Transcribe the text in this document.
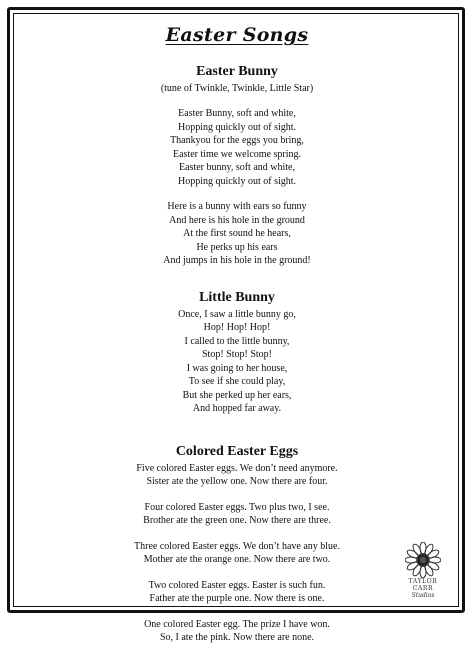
Easter Songs
Easter Bunny
(tune of Twinkle, Twinkle, Little Star)
Easter Bunny, soft and white,
Hopping quickly out of sight.
Thankyou for the eggs you bring,
Easter time we welcome spring.
Easter bunny, soft and white,
Hopping quickly out of sight.
Here is a bunny with ears so funny
And here is his hole in the ground
At the first sound he hears,
He perks up his ears
And jumps in his hole in the ground!
Little Bunny
Once, I saw a little bunny go,
Hop! Hop! Hop!
I called to the little bunny,
Stop! Stop! Stop!
I was going to her house,
To see if she could play,
But she perked up her ears,
And hopped far away.
Colored Easter Eggs
Five colored Easter eggs. We don’t need anymore.
Sister ate the yellow one. Now there are four.
Four colored Easter eggs. Two plus two, I see.
Brother ate the green one. Now there are three.
Three colored Easter eggs. We don’t have any blue.
Mother ate the orange one. Now there are two.
Two colored Easter eggs. Easter is such fun.
Father ate the purple one. Now there is one.
One colored Easter egg. The prize I have won.
So, I ate the pink. Now there are none.
TAYLOR CARR
Studios
